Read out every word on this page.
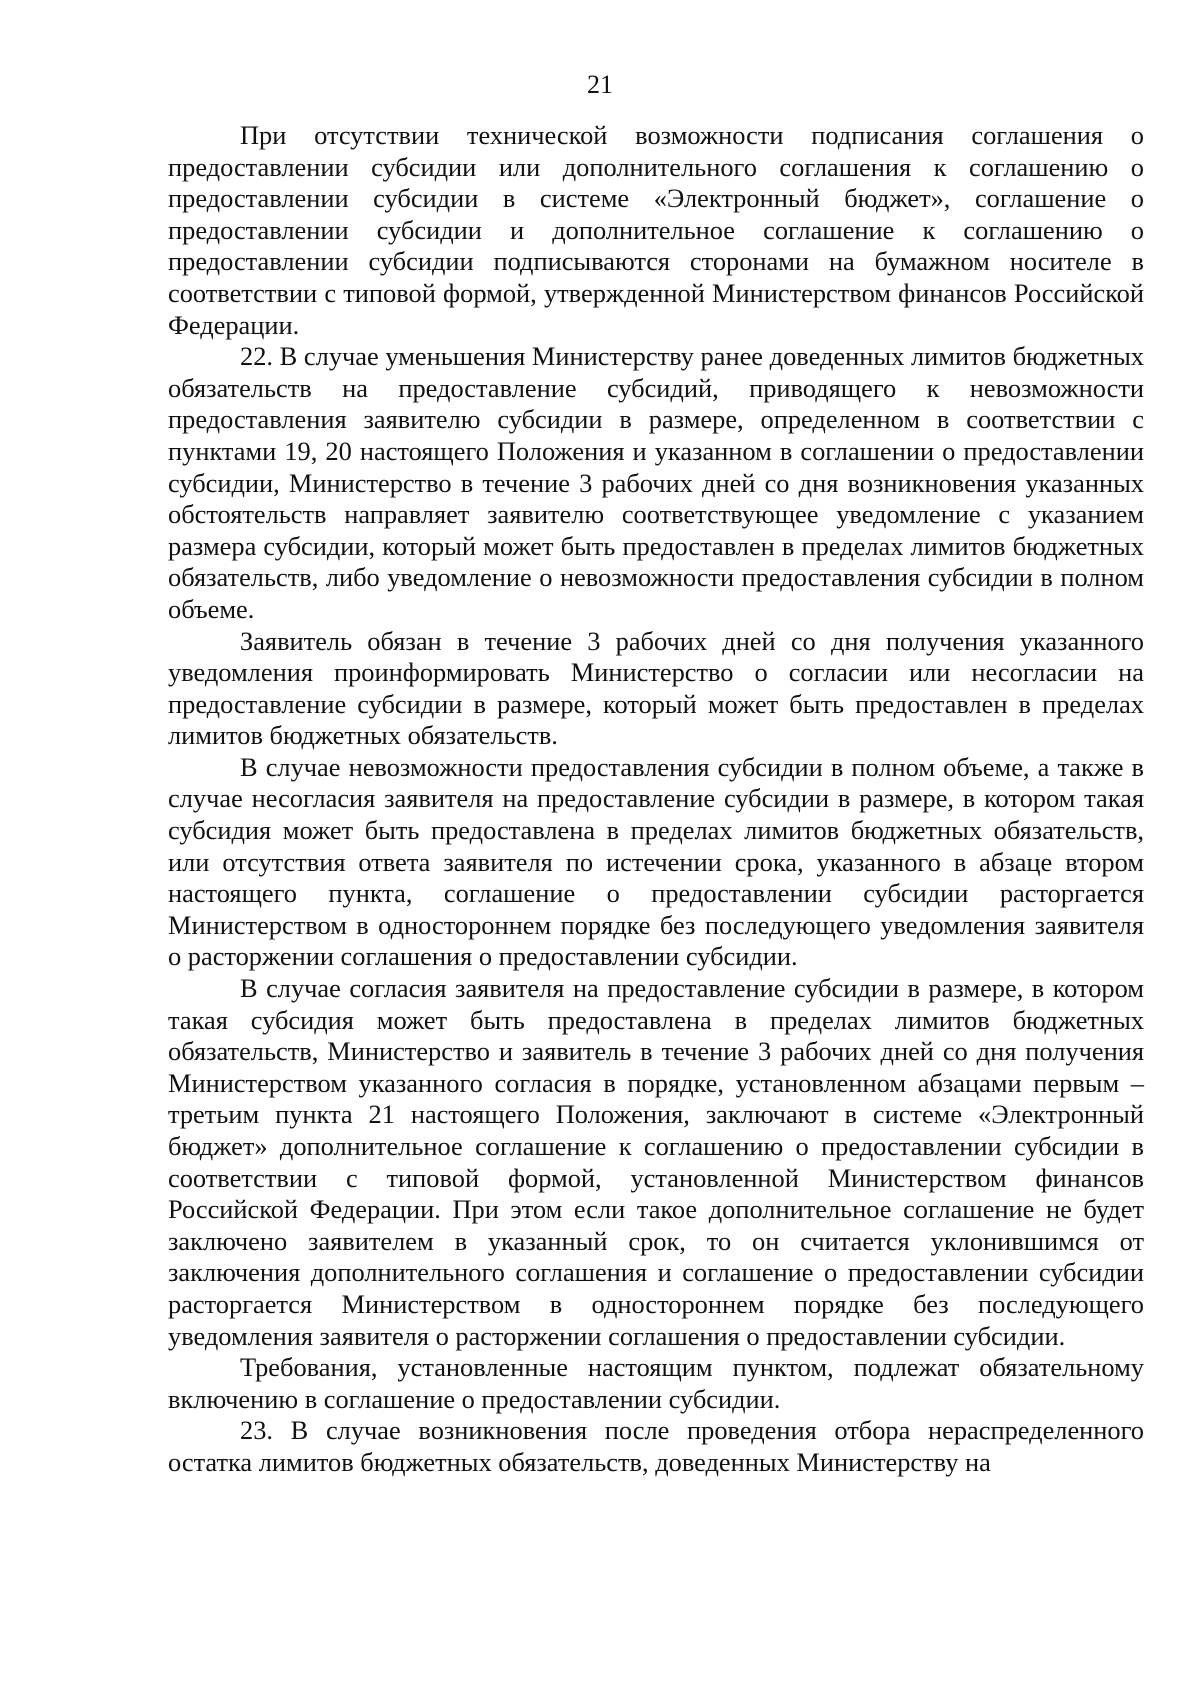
21

При отсутствии технической возможности подписания соглашения о предоставлении субсидии или дополнительного соглашения к соглашению о предоставлении субсидии в системе «Электронный бюджет», соглашение о предоставлении субсидии и дополнительное соглашение к соглашению о предоставлении субсидии подписываются сторонами на бумажном носителе в соответствии с типовой формой, утвержденной Министерством финансов Российской Федерации.

22. В случае уменьшения Министерству ранее доведенных лимитов бюджетных обязательств на предоставление субсидий, приводящего к невозможности предоставления заявителю субсидии в размере, определенном в соответствии с пунктами 19, 20 настоящего Положения и указанном в соглашении о предоставлении субсидии, Министерство в течение 3 рабочих дней со дня возникновения указанных обстоятельств направляет заявителю соответствующее уведомление с указанием размера субсидии, который может быть предоставлен в пределах лимитов бюджетных обязательств, либо уведомление о невозможности предоставления субсидии в полном объеме.

Заявитель обязан в течение 3 рабочих дней со дня получения указанного уведомления проинформировать Министерство о согласии или несогласии на предоставление субсидии в размере, который может быть предоставлен в пределах лимитов бюджетных обязательств.

В случае невозможности предоставления субсидии в полном объеме, а также в случае несогласия заявителя на предоставление субсидии в размере, в котором такая субсидия может быть предоставлена в пределах лимитов бюджетных обязательств, или отсутствия ответа заявителя по истечении срока, указанного в абзаце втором настоящего пункта, соглашение о предоставлении субсидии расторгается Министерством в одностороннем порядке без последующего уведомления заявителя о расторжении соглашения о предоставлении субсидии.

В случае согласия заявителя на предоставление субсидии в размере, в котором такая субсидия может быть предоставлена в пределах лимитов бюджетных обязательств, Министерство и заявитель в течение 3 рабочих дней со дня получения Министерством указанного согласия в порядке, установленном абзацами первым – третьим пункта 21 настоящего Положения, заключают в системе «Электронный бюджет» дополнительное соглашение к соглашению о предоставлении субсидии в соответствии с типовой формой, установленной Министерством финансов Российской Федерации. При этом если такое дополнительное соглашение не будет заключено заявителем в указанный срок, то он считается уклонившимся от заключения дополнительного соглашения и соглашение о предоставлении субсидии расторгается Министерством в одностороннем порядке без последующего уведомления заявителя о расторжении соглашения о предоставлении субсидии.

Требования, установленные настоящим пунктом, подлежат обязательному включению в соглашение о предоставлении субсидии.

23. В случае возникновения после проведения отбора нераспределенного остатка лимитов бюджетных обязательств, доведенных Министерству на
